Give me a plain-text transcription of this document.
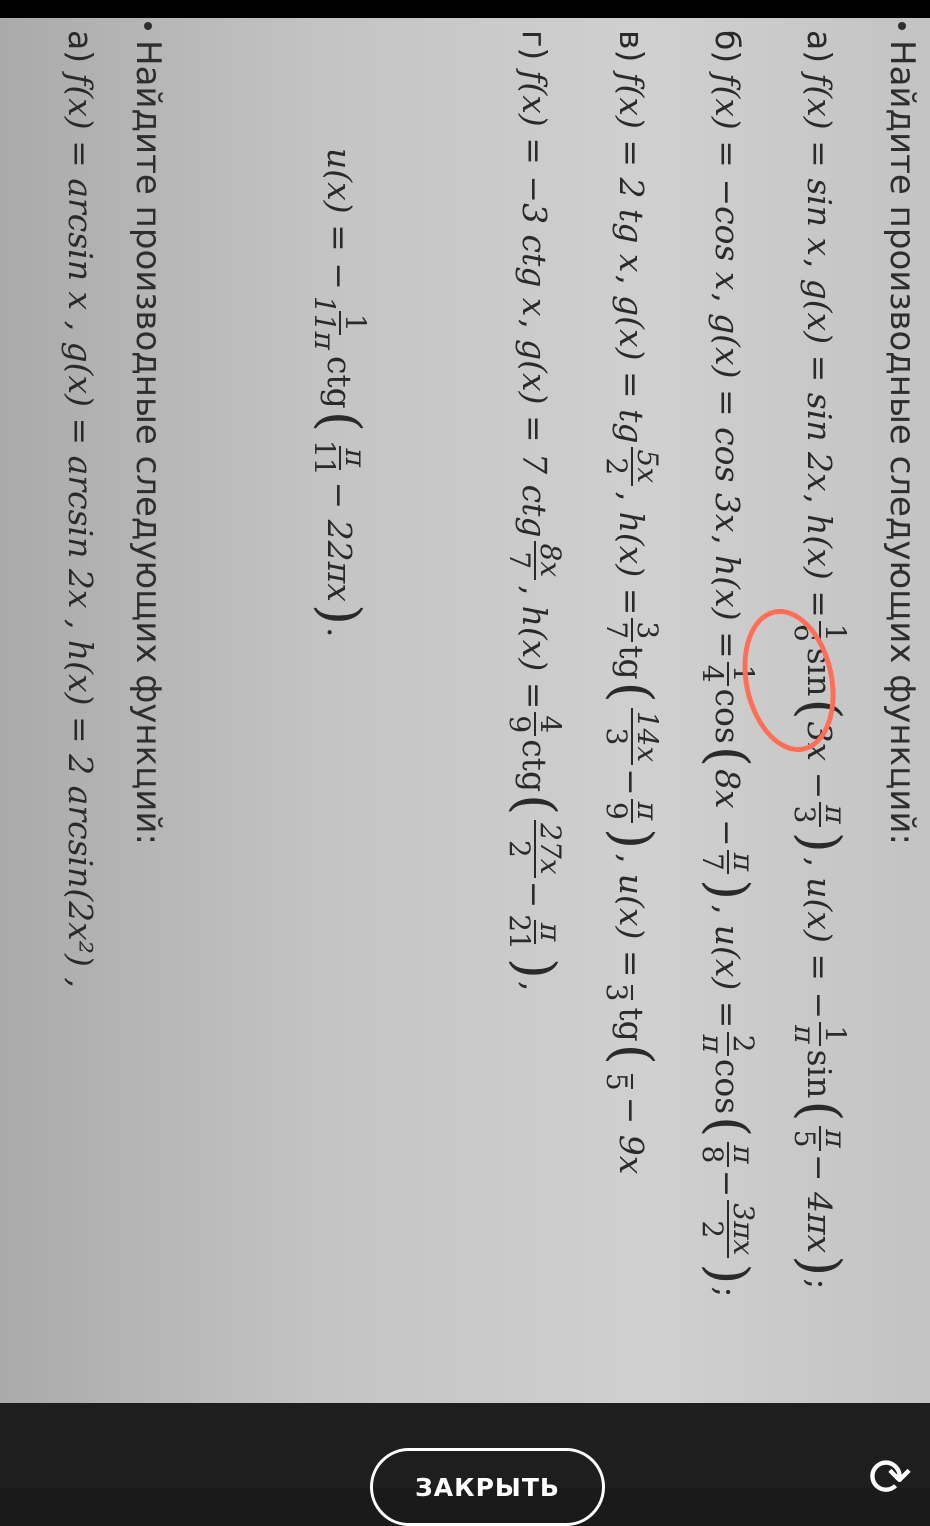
Найдите производные следующих функций:
а)
f(x) = sin x
,
g(x) = sin 2x
,
h(x) =
1
6
sin
(
3x −
π
3
)
,
u(x) = −
1
π
sin
(
π
5
− 4πx
)
;
б)
f(x) = −cos x
,
g(x) = cos 3x
,
h(x) =
1
4
cos
(
8x −
π
7
)
,
u(x) =
2
π
cos
(
π
8
−
3πx
2
)
;
в)
f(x) = 2 tg x
,
g(x) = tg
5x
2
,
h(x) =
3
7
tg
(
14x
3
−
π
9
)
,
u(x) =

3
tg
(

5
− 9x
г)
f(x) = −3 ctg x
,
g(x) = 7 ctg
8x
7
,
h(x) =
4
9
ctg
(
27x
2
−
π
21
)
,
u(x) = −
1
11π
ctg
(
π
11
− 22πx
)
.
Найдите производные следующих функций:
а)
f(x) = arcsin x , g(x) = arcsin 2x , h(x) = 2 arcsin(2x²) ,
ЗАКРЫТЬ	⟳
